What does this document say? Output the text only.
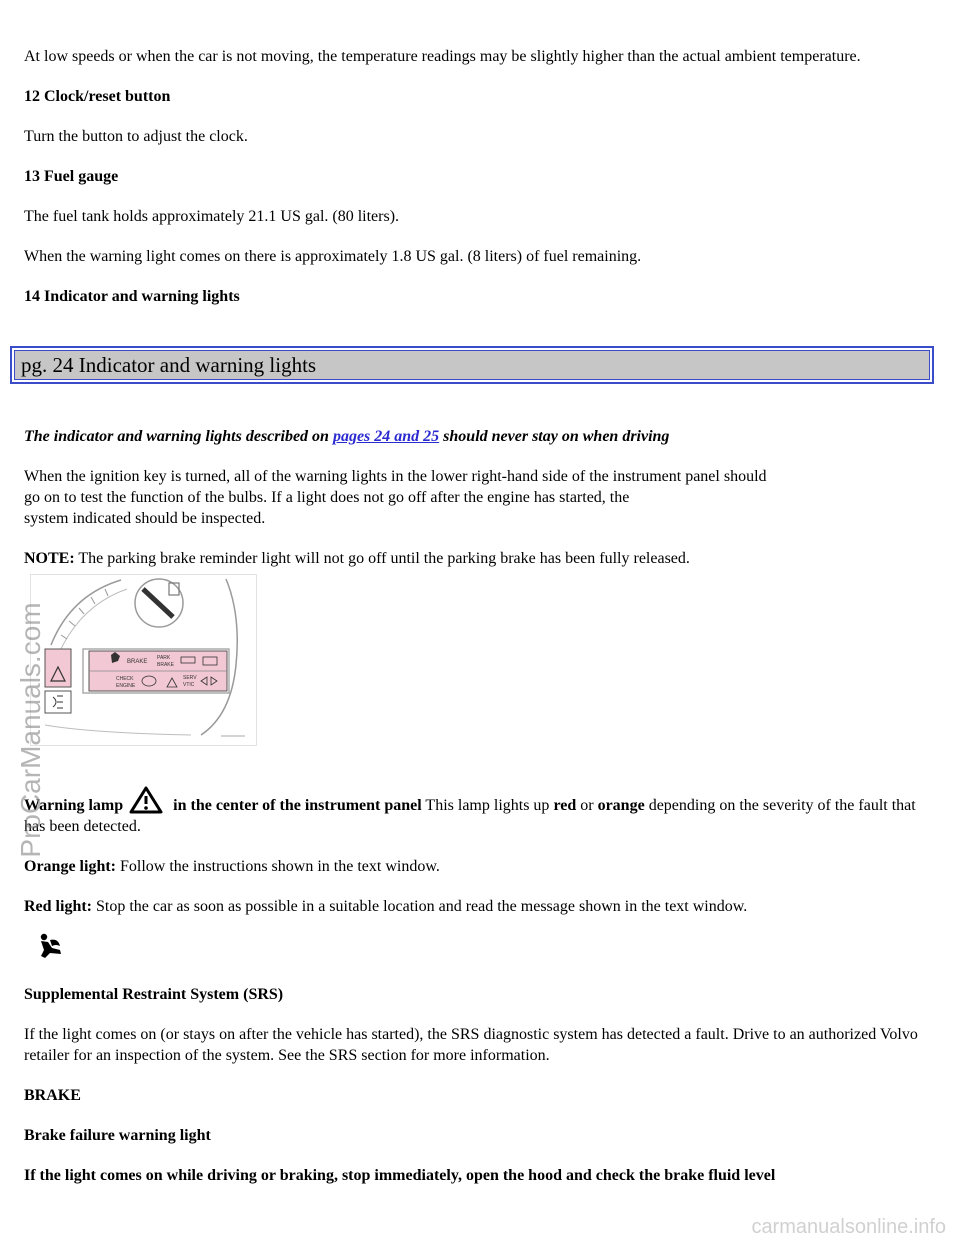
At low speeds or when the car is not moving, the temperature readings may be slightly higher than the actual ambient temperature.

12 Clock/reset button

Turn the button to adjust the clock.

13 Fuel gauge

The fuel tank holds approximately 21.1 US gal. (80 liters).

When the warning light comes on there is approximately 1.8 US gal. (8 liters) of fuel remaining.

14 Indicator and warning lights

pg. 24 Indicator and warning lights
The indicator and warning lights described on pages 24 and 25 should never stay on when driving

When the ignition key is turned, all of the warning lights in the lower right-hand side of the instrument panel should
go on to test the function of the bulbs. If a light does not go off after the engine has started, the
system indicated should be inspected.

NOTE: The parking brake reminder light will not go off until the parking brake has been fully released.

BRAKE
PARK
BRAKE
CHECK
ENGINE
SERV
VTIC

Warning lamp	in the center of the instrument panel This lamp lights up red or orange depending on the severity of the fault that has been detected.

Orange light: Follow the instructions shown in the text window.

Red light: Stop the car as soon as possible in a suitable location and read the message shown in the text window.

Supplemental Restraint System (SRS)

If the light comes on (or stays on after the vehicle has started), the SRS diagnostic system has detected a fault. Drive to an authorized Volvo retailer for an inspection of the system. See the SRS section for more information.

BRAKE

Brake failure warning light

If the light comes on while driving or braking, stop immediately, open the hood and check the brake fluid level

ProCarManuals.com
carmanualsonline.info
